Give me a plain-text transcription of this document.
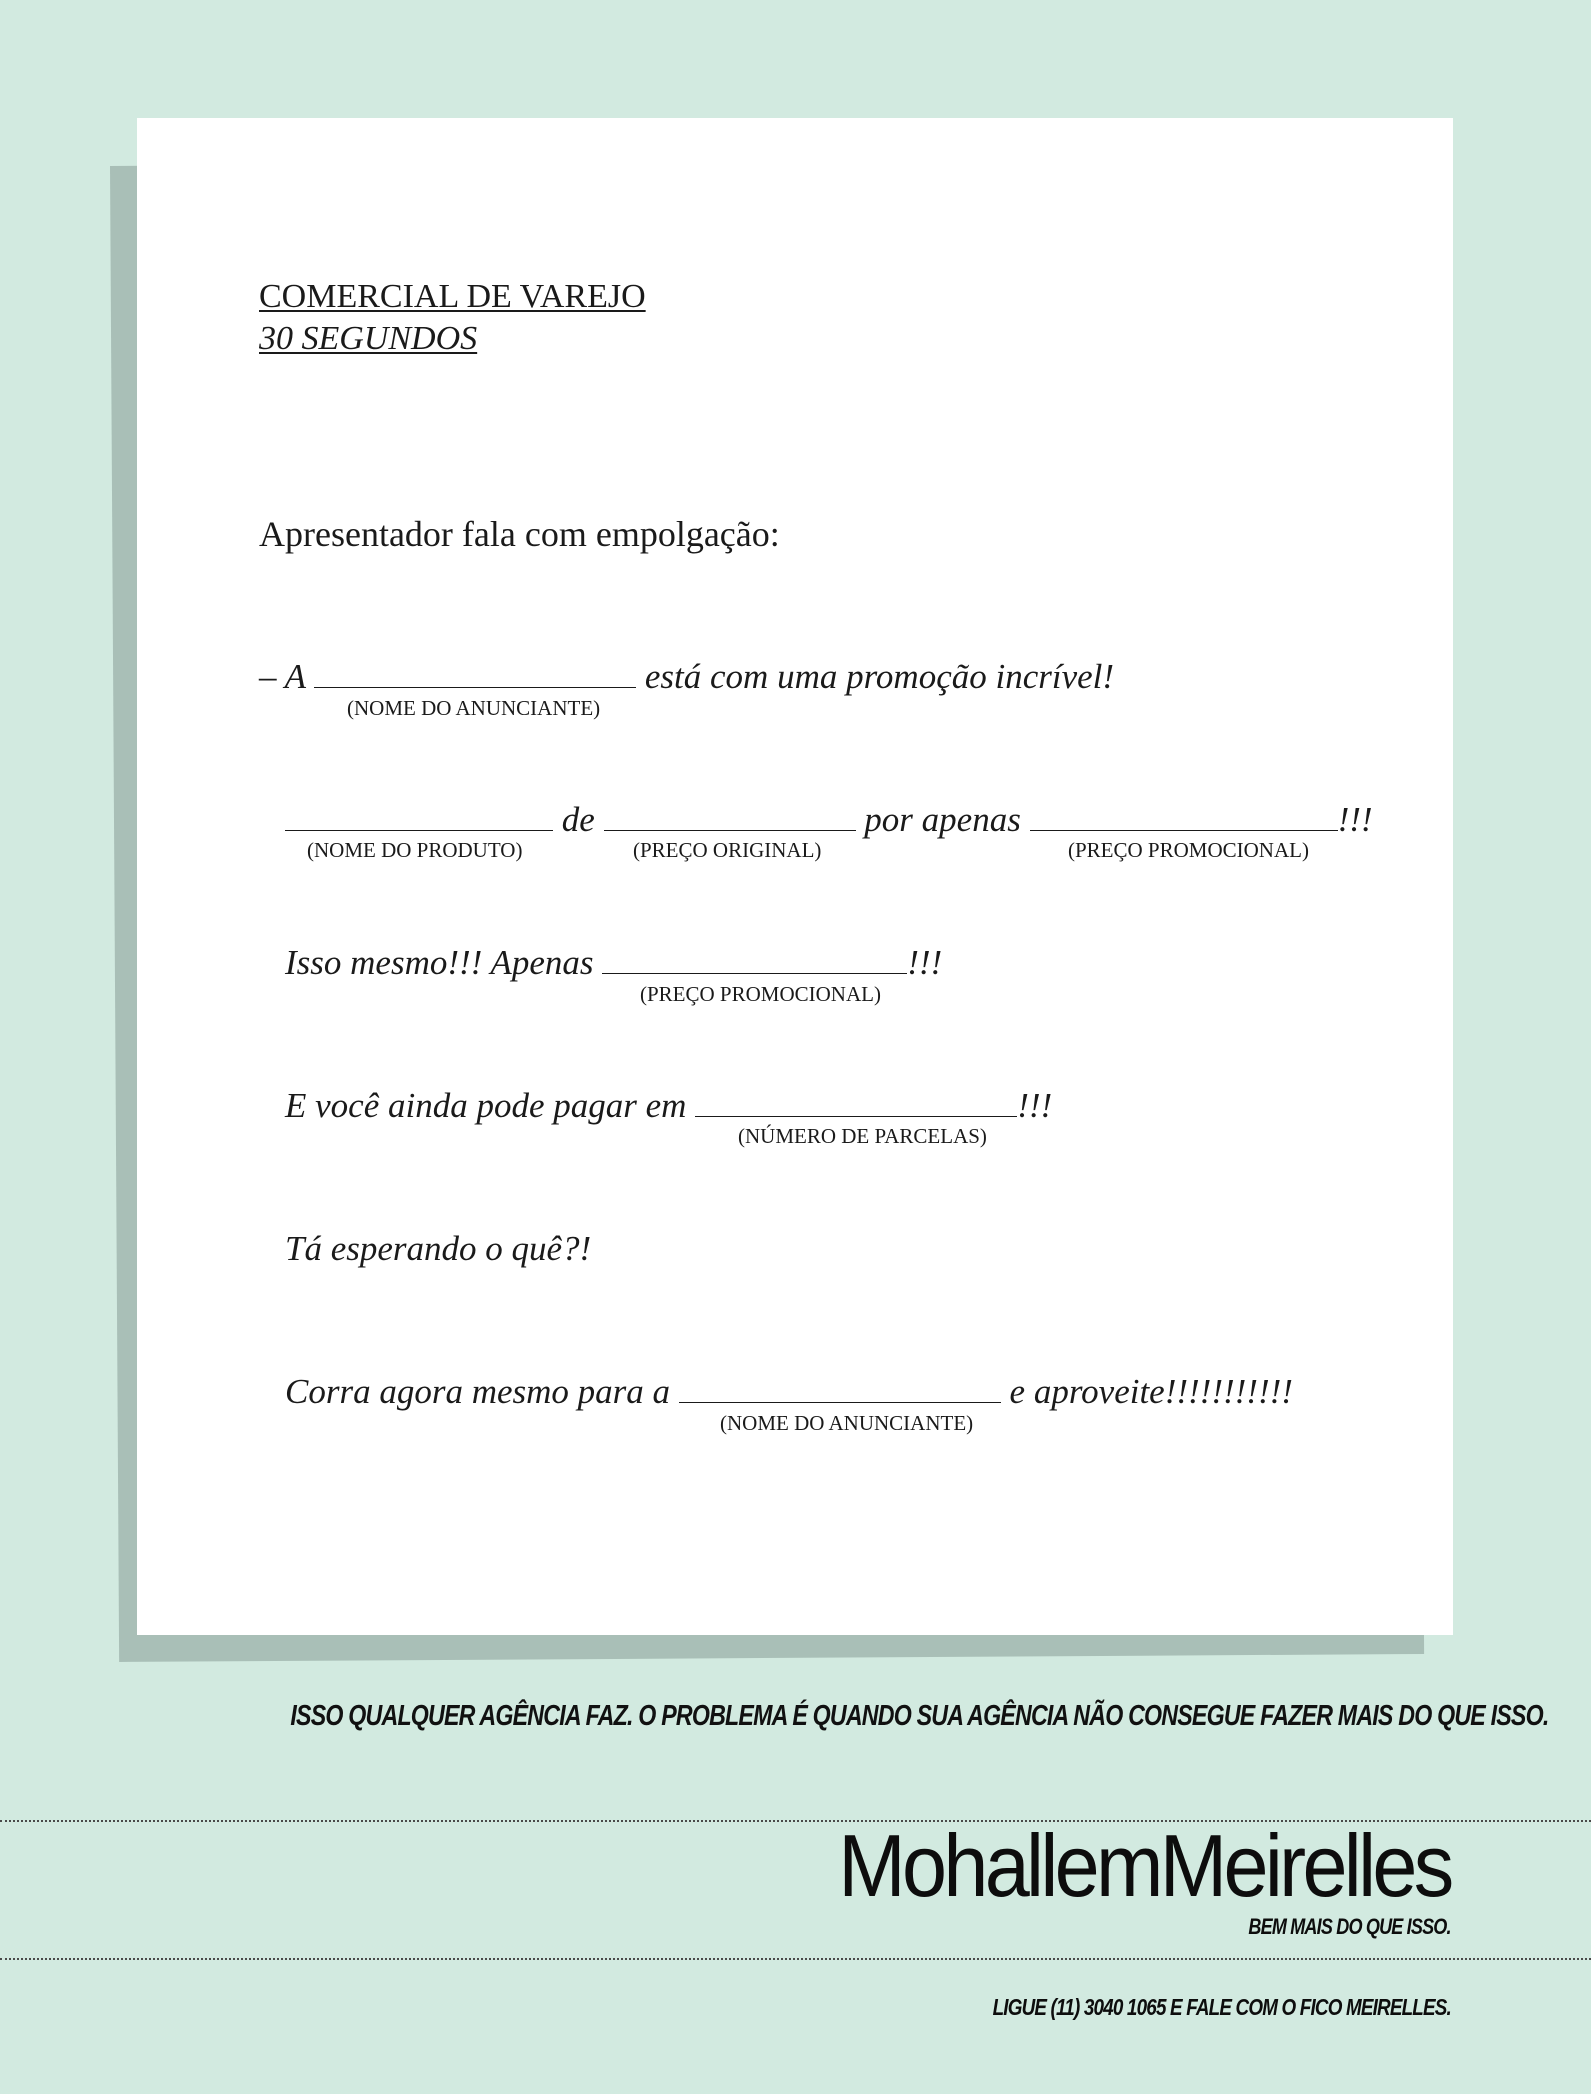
COMERCIAL DE VAREJO
30 SEGUNDOS
Apresentador fala com empolgação:
– A	está com uma promoção incrível!
(NOME DO ANUNCIANTE)
de	por apenas	!!!
(NOME DO PRODUTO)	(PREÇO ORIGINAL)	(PREÇO PROMOCIONAL)
Isso mesmo!!! Apenas	!!!
(PREÇO PROMOCIONAL)
E você ainda pode pagar em	!!!
(NÚMERO DE PARCELAS)
Tá esperando o quê?!
Corra agora mesmo para a	e aproveite!!!!!!!!!!!
(NOME DO ANUNCIANTE)
ISSO QUALQUER AGÊNCIA FAZ. O PROBLEMA É QUANDO SUA AGÊNCIA NÃO CONSEGUE FAZER MAIS DO QUE ISSO.
MohallemMeirelles
BEM MAIS DO QUE ISSO.
LIGUE (11) 3040 1065 E FALE COM O FICO MEIRELLES.
